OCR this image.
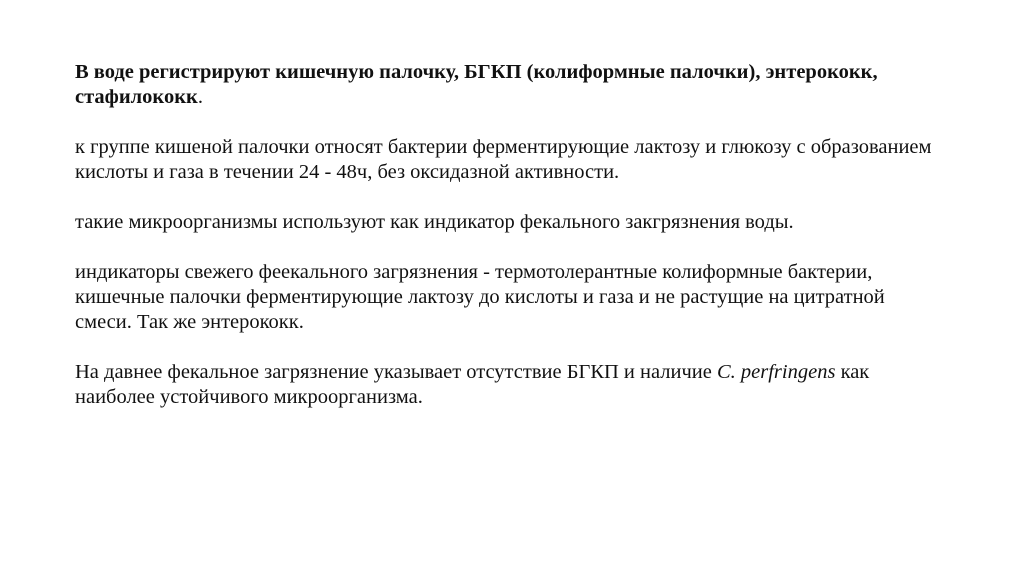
В воде регистрируют кишечную палочку, БГКП (колиформные палочки), энтерококк, стафилококк.

к группе кишеной палочки относят бактерии ферментирующие лактозу и глюкозу с образованием кислоты и газа в течении 24 - 48ч, без оксидазной активности.

такие микроорганизмы используют как индикатор фекального закгрязнения воды.

индикаторы свежего феекального загрязнения - термотолерантные колиформные бактерии, кишечные палочки ферментирующие лактозу до кислоты и газа и не растущие на цитратной смеси. Так же энтерококк.

На давнее фекальное загрязнение указывает отсутствие БГКП и наличие C. perfringens как наиболее устойчивого микроорганизма.
